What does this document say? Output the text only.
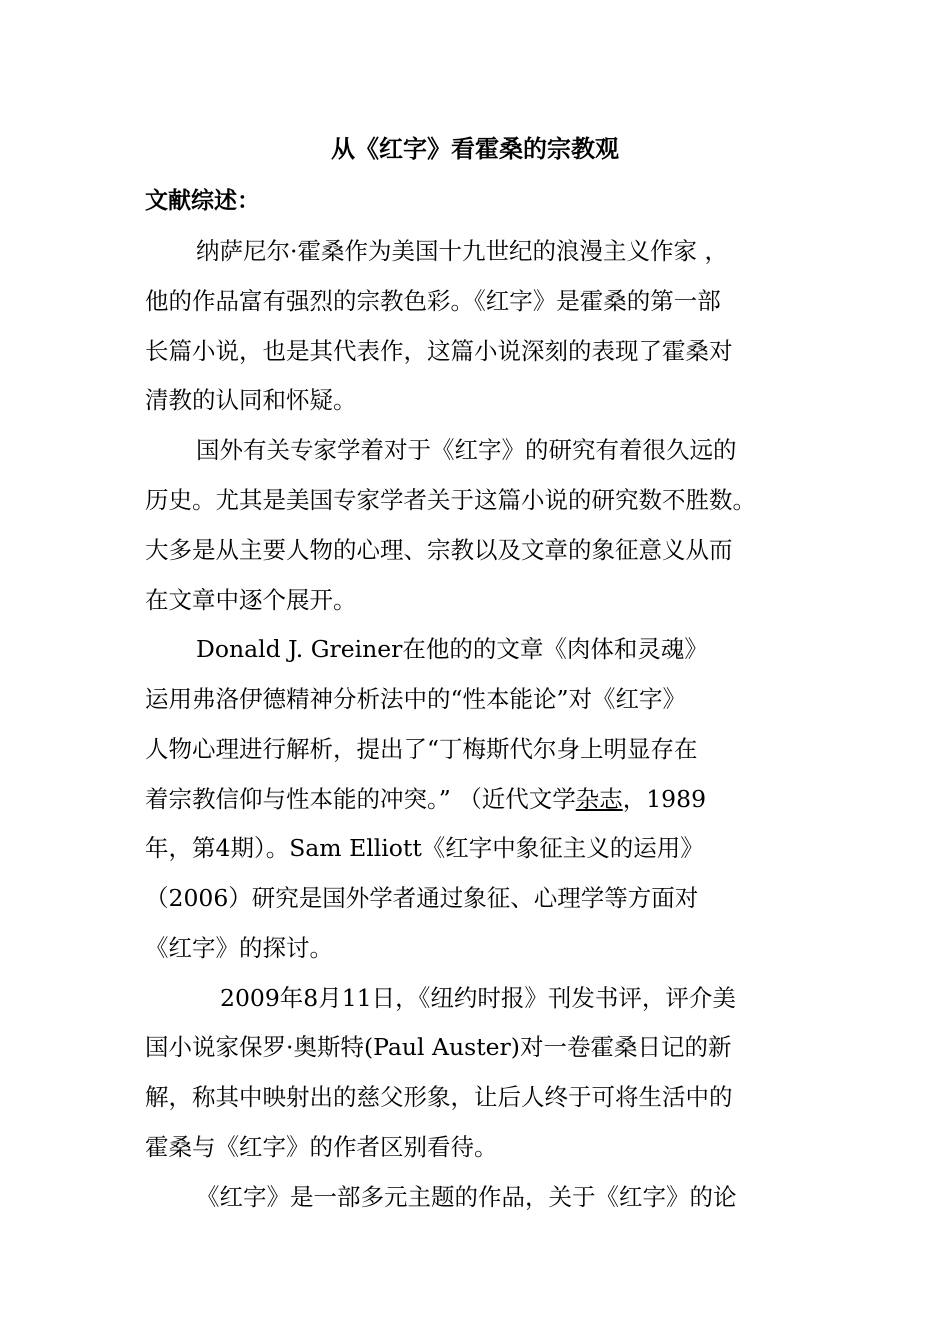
从《红字》看霍桑的宗教观
文献综述：
纳萨尼尔·霍桑作为美国十九世纪的浪漫主义作家 ，
他的作品富有强烈的宗教色彩。《红字》是霍桑的第一部
长篇小说，也是其代表作，这篇小说深刻的表现了霍桑对
清教的认同和怀疑。
国外有关专家学着对于《红字》的研究有着很久远的
历史。尤其是美国专家学者关于这篇小说的研究数不胜数。
大多是从主要人物的心理、宗教以及文章的象征意义从而
在文章中逐个展开。
Donald J. Greiner在他的的文章《肉体和灵魂》
运用弗洛伊德精神分析法中的“性本能论”对《红字》
人物心理进行解析，提出了“丁梅斯代尔身上明显存在
着宗教信仰与性本能的冲突。” （近代文学杂志，1989
年，第4期）。Sam Elliott《红字中象征主义的运用》
（2006）研究是国外学者通过象征、心理学等方面对
《红字》的探讨。
2009年8月11日，《纽约时报》刊发书评，评介美
国小说家保罗·奥斯特(Paul Auster)对一卷霍桑日记的新
解，称其中映射出的慈父形象，让后人终于可将生活中的
霍桑与《红字》的作者区别看待。
《红字》是一部多元主题的作品，关于《红字》的论
